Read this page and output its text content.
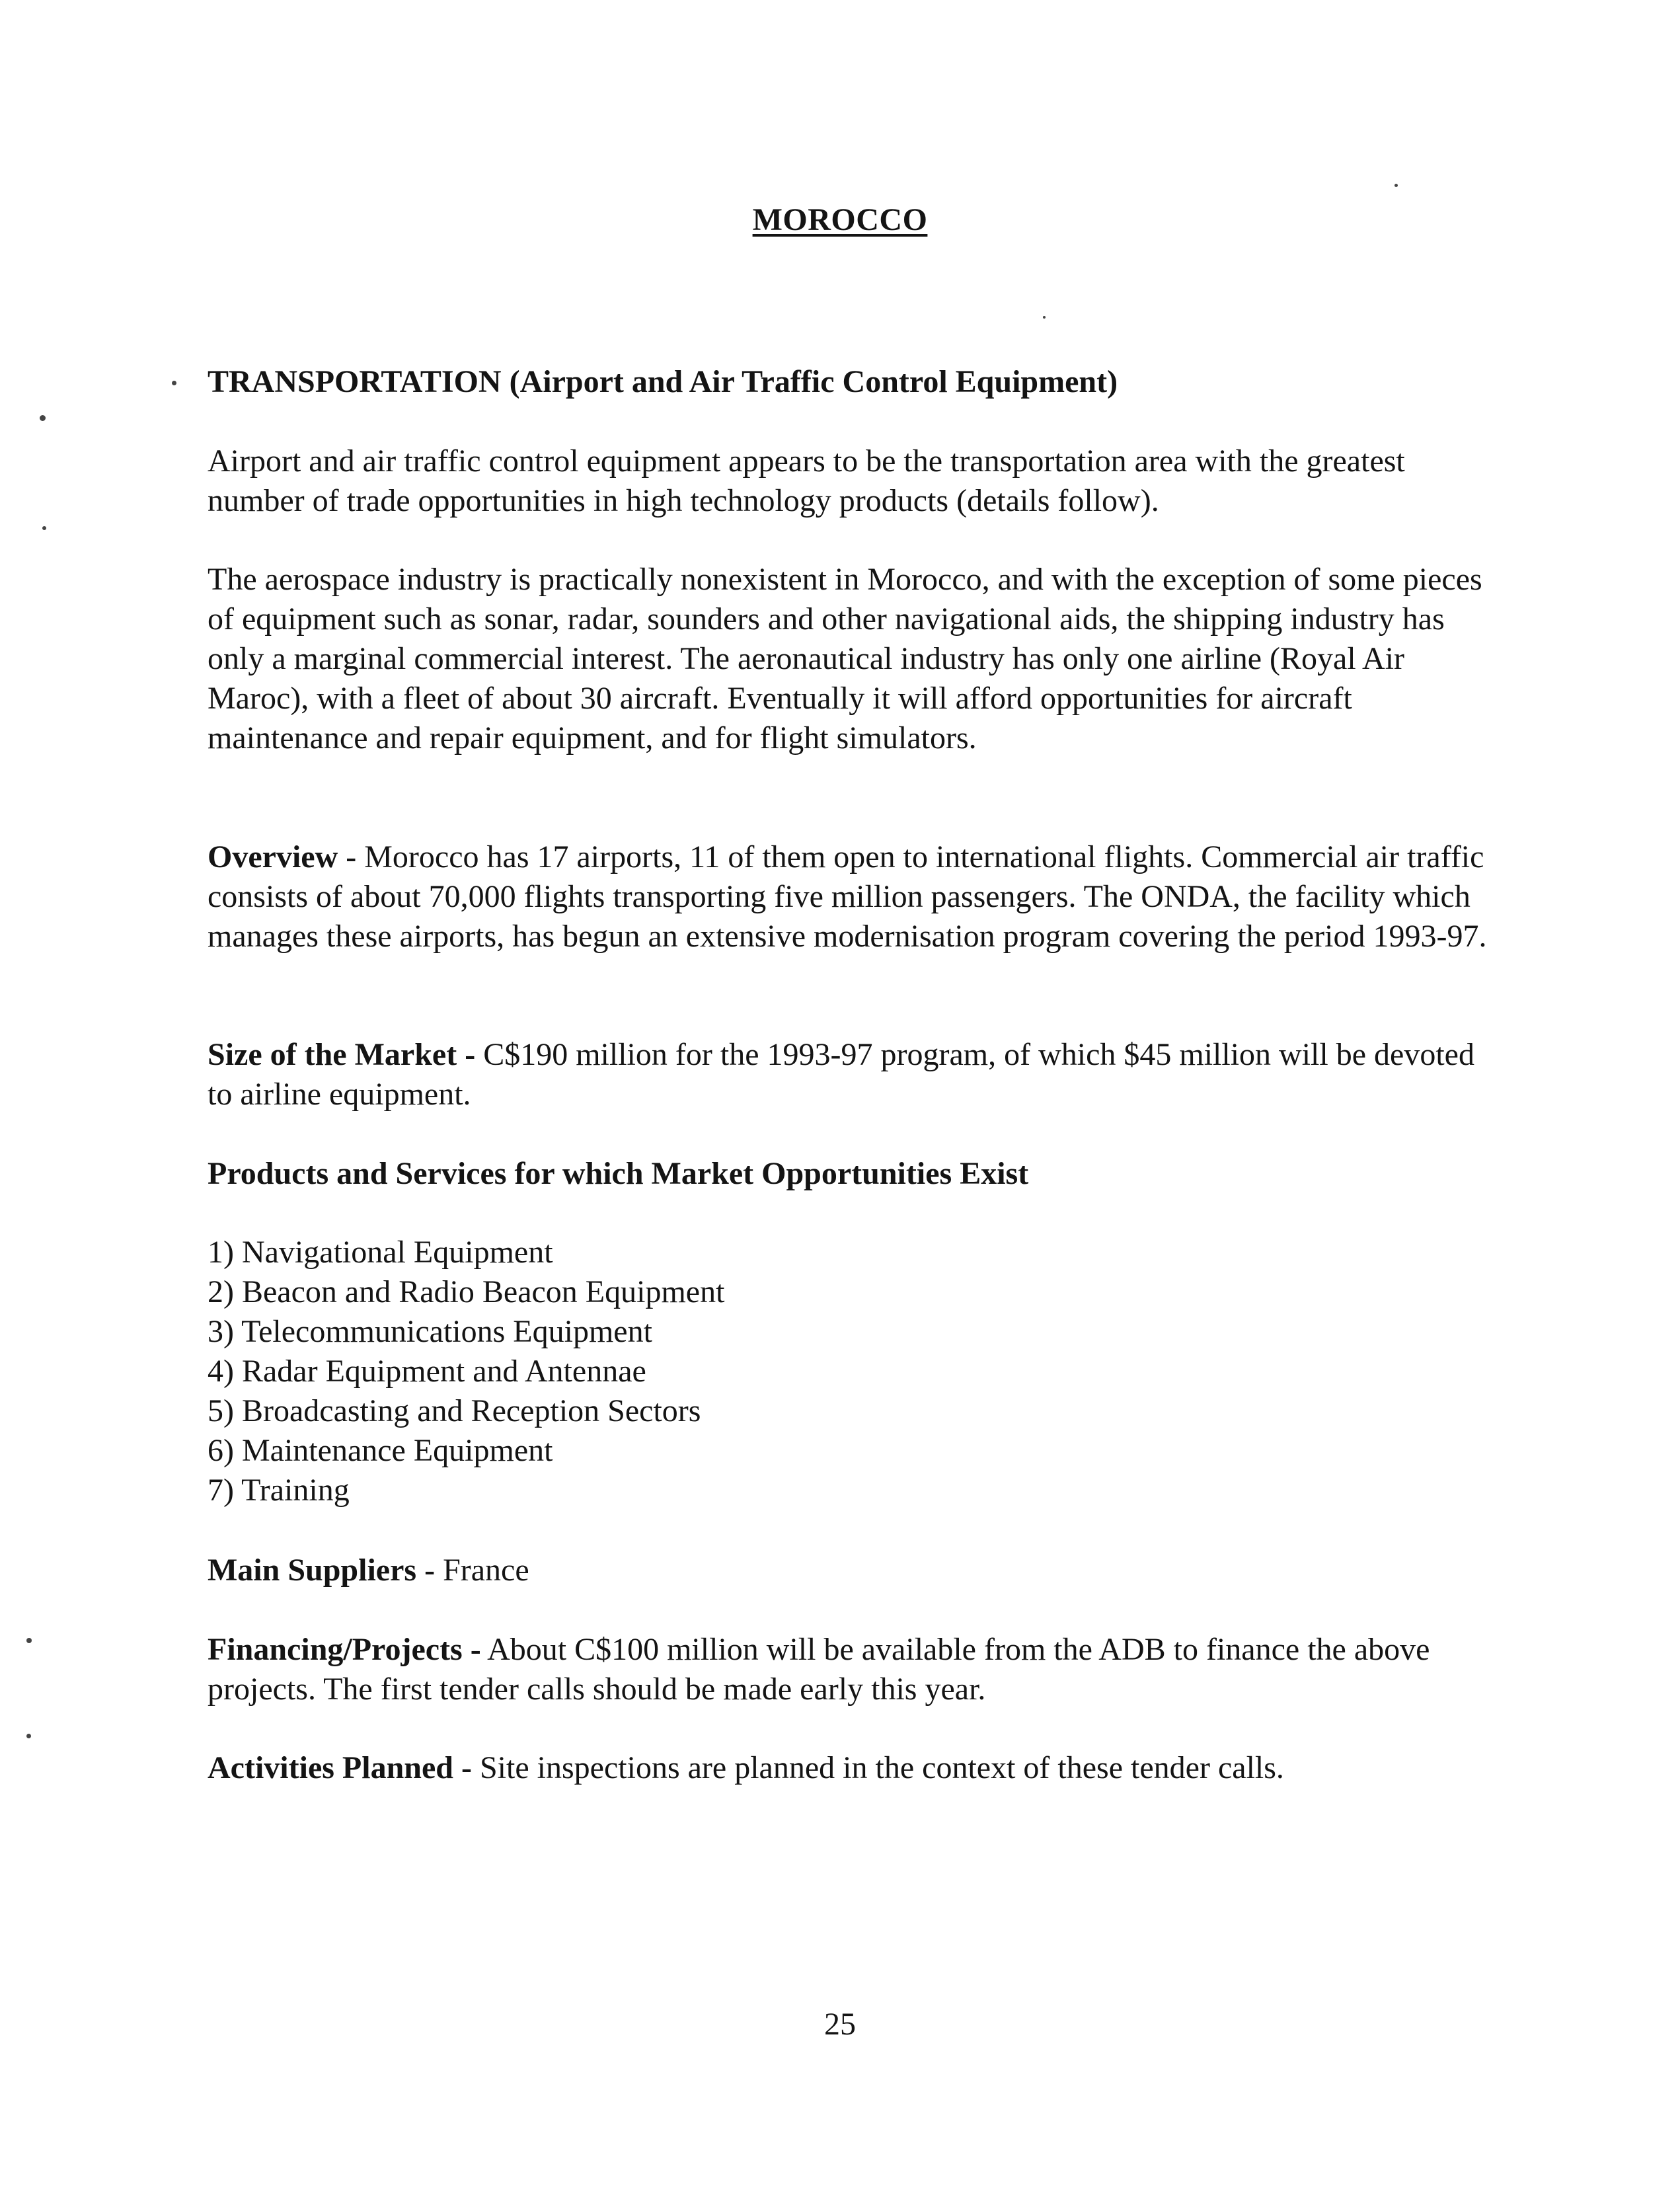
MOROCCO
TRANSPORTATION (Airport and Air Traffic Control Equipment)
Airport and air traffic control equipment appears to be the transportation area with the greatest number of trade opportunities in high technology products (details follow).
The aerospace industry is practically nonexistent in Morocco, and with the exception of some pieces of equipment such as sonar, radar, sounders and other navigational aids, the shipping industry has only a marginal commercial interest. The aeronautical industry has only one airline (Royal Air Maroc), with a fleet of about 30 aircraft. Eventually it will afford opportunities for aircraft maintenance and repair equipment, and for flight simulators.
Overview - Morocco has 17 airports, 11 of them open to international flights. Commercial air traffic consists of about 70,000 flights transporting five million passengers. The ONDA, the facility which manages these airports, has begun an extensive modernisation program covering the period 1993-97.
Size of the Market - C$190 million for the 1993-97 program, of which $45 million will be devoted to airline equipment.
Products and Services for which Market Opportunities Exist
1) Navigational Equipment
2) Beacon and Radio Beacon Equipment
3) Telecommunications Equipment
4) Radar Equipment and Antennae
5) Broadcasting and Reception Sectors
6) Maintenance Equipment
7) Training
Main Suppliers - France
Financing/Projects - About C$100 million will be available from the ADB to finance the above projects. The first tender calls should be made early this year.
Activities Planned - Site inspections are planned in the context of these tender calls.
25
